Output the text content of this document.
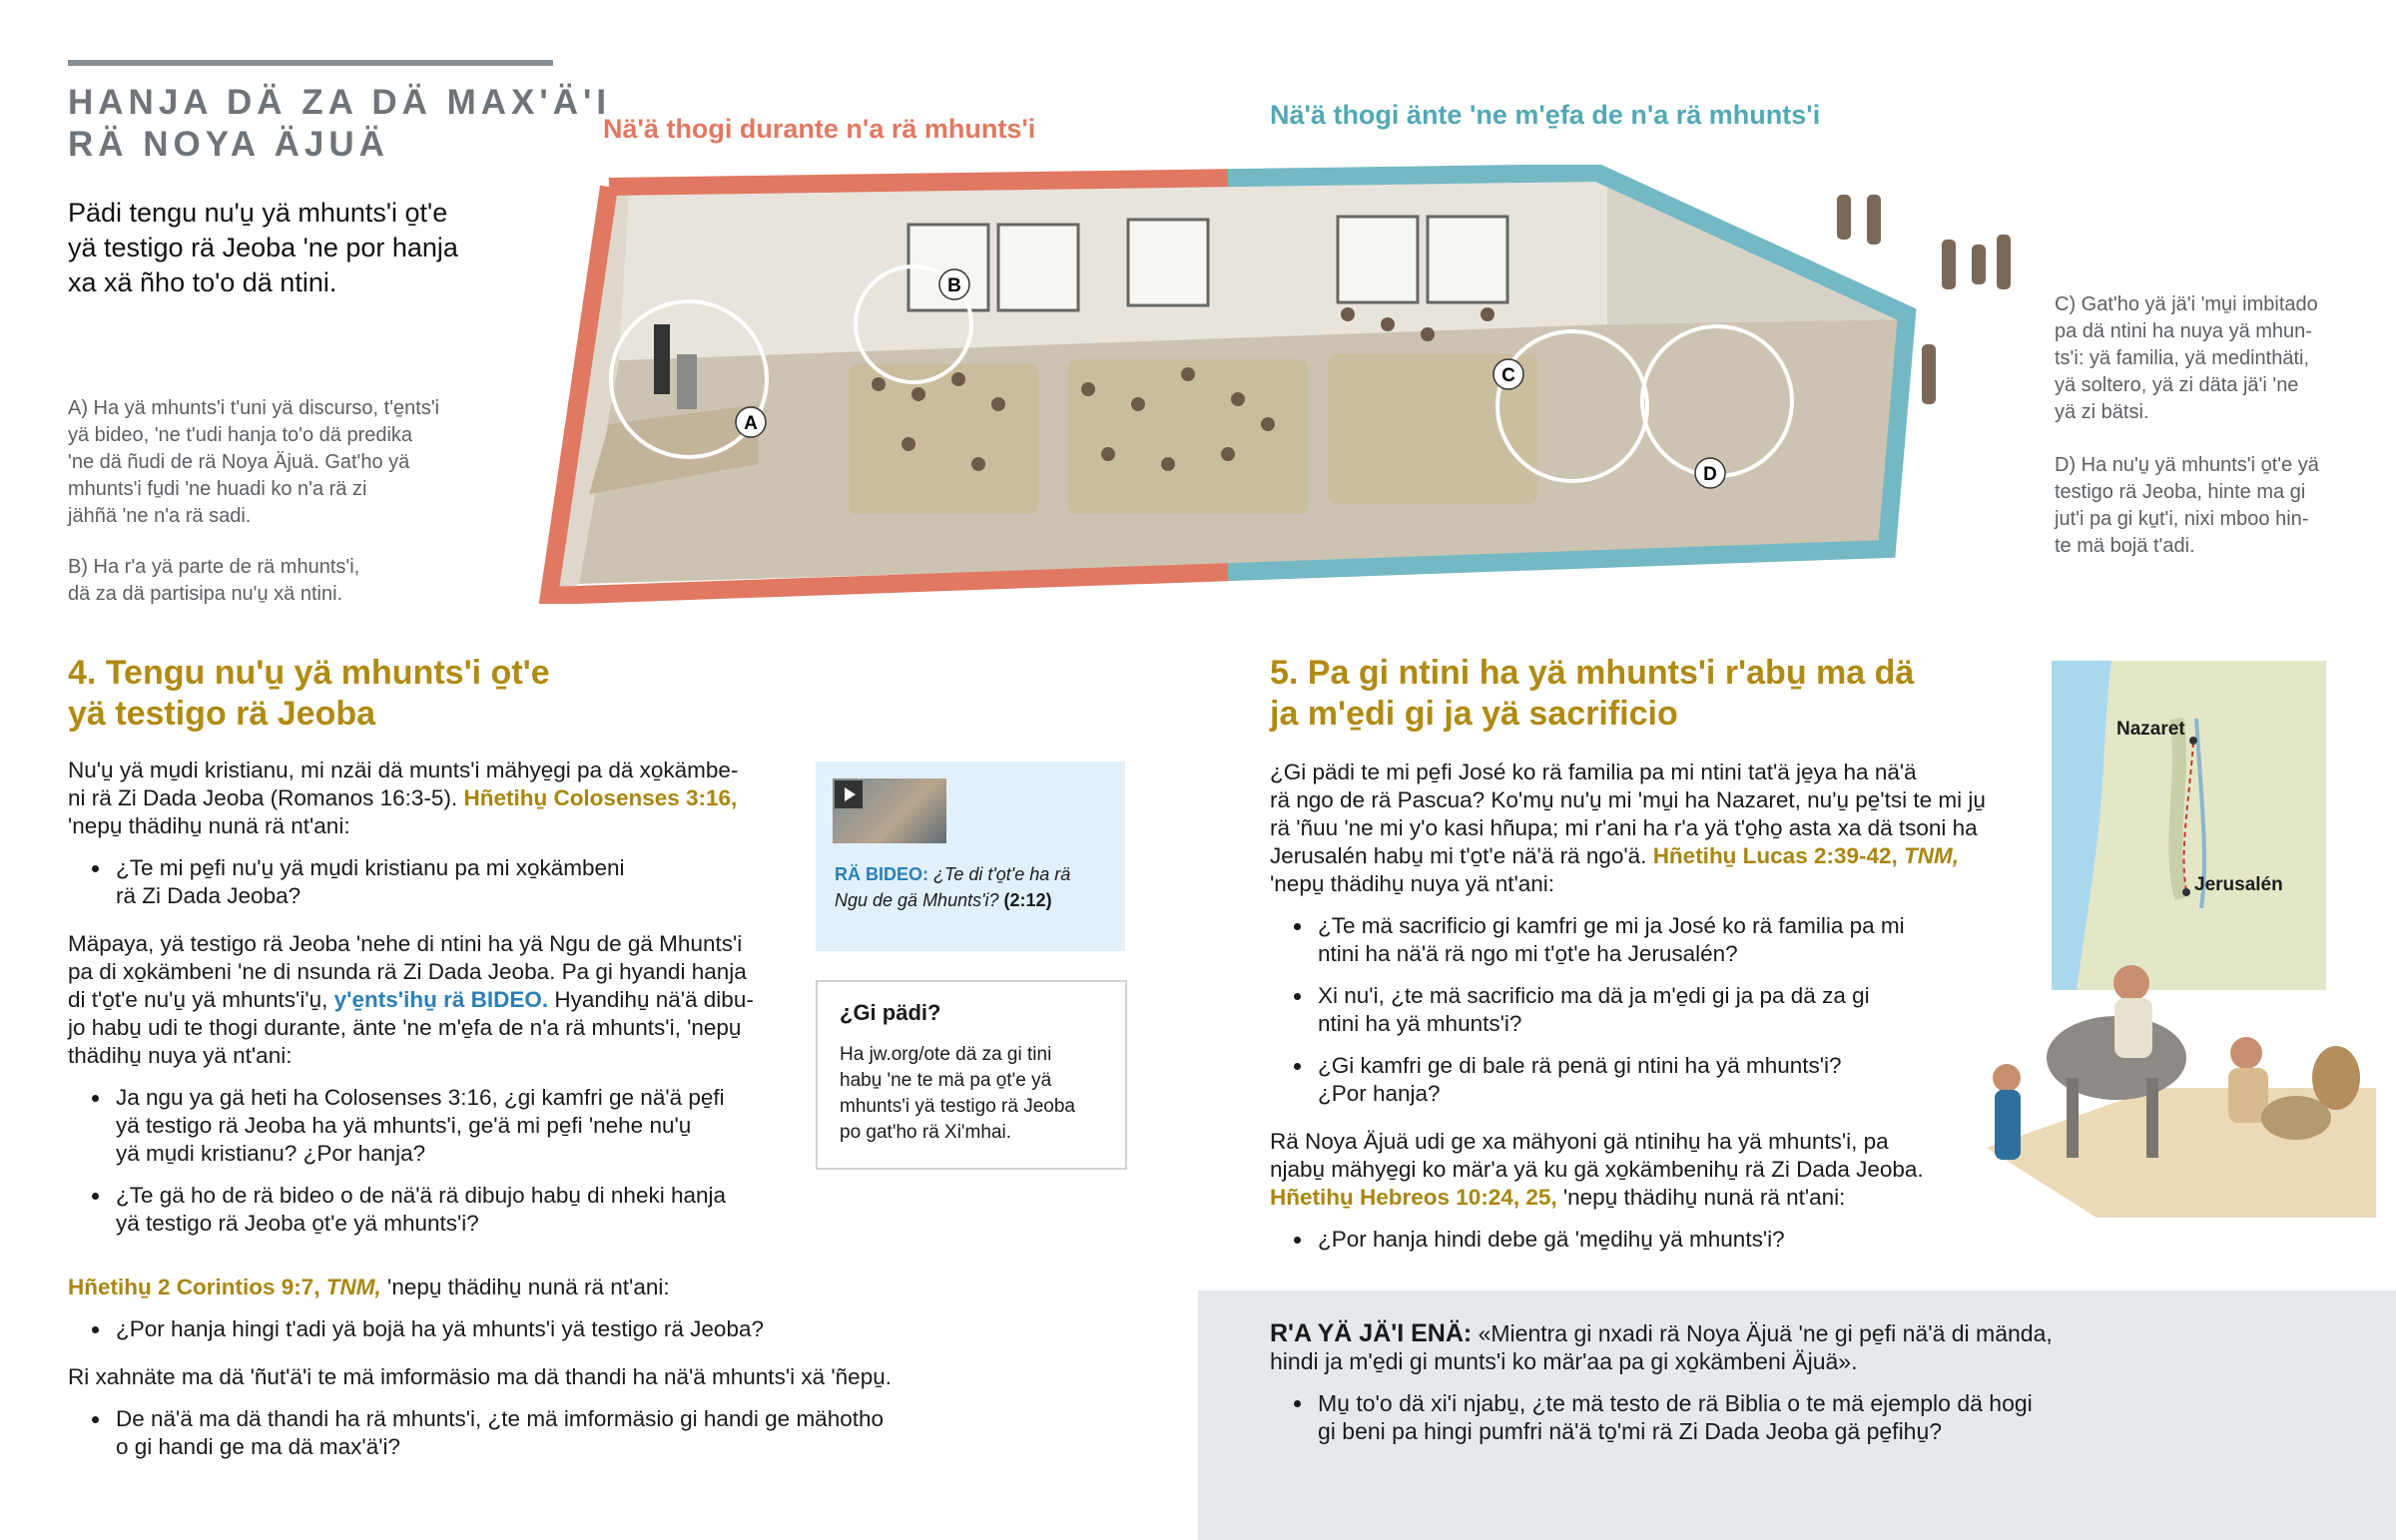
HANJA DÄ ZA DÄ MAX'Ä'I
RÄ NOYA ÄJUÄ
Pädi tengu nu'u̱ yä mhunts'i o̱t'e
yä testigo rä Jeoba 'ne por hanja
xa xä ñho to'o dä ntini.
A) Ha yä mhunts'i t'uni yä discurso, t'e̱nts'i
yä bideo, 'ne t'udi hanja to'o dä predika
'ne dä ñudi de rä Noya Äjuä. Gat'ho yä
mhunts'i fu̱di 'ne huadi ko n'a rä zi
jähñä 'ne n'a rä sadi.
B) Ha r'a yä parte de rä mhunts'i,
dä za dä partisipa nu'u̱ xä ntini.
Nä'ä thogi durante n'a rä mhunts'i	Nä'ä thogi änte 'ne m'e̱fa de n'a rä mhunts'i
A
B
C
D
C) Gat'ho yä jä'i 'mu̱i imbitado
pa dä ntini ha nuya yä mhun-
ts'i: yä familia, yä medinthäti,
yä soltero, yä zi däta jä'i 'ne
yä zi bätsi.
D) Ha nu'u̱ yä mhunts'i o̱t'e yä
testigo rä Jeoba, hinte ma gi
jut'i pa gi ku̱t'i, nixi mboo hin-
te mä bojä t'adi.
4. Tengu nu'u̱ yä mhunts'i o̱t'e
yä testigo rä Jeoba
Nu'u̱ yä mu̱di kristianu, mi nzäi dä munts'i mähye̱gi pa dä xo̱kämbe-
ni rä Zi Dada Jeoba (Romanos 16:3-5). Hñetihu̱ Colosenses 3:16,
'nepu̱ thädihu̱ nunä rä nt'ani:
¿Te mi pe̱fi nu'u̱ yä mu̱di kristianu pa mi xo̱kämbeni
rä Zi Dada Jeoba?
Mäpaya, yä testigo rä Jeoba 'nehe di ntini ha yä Ngu de gä Mhunts'i
pa di xo̱kämbeni 'ne di nsunda rä Zi Dada Jeoba. Pa gi hyandi hanja
di t'o̱t'e nu'u̱ yä mhunts'i'u̱, y'e̱nts'ihu̱ rä BIDEO. Hyandihu̱ nä'ä dibu-
jo habu̱ udi te thogi durante, änte 'ne m'e̱fa de n'a rä mhunts'i, 'nepu̱
thädihu̱ nuya yä nt'ani:
Ja ngu ya gä heti ha Colosenses 3:16, ¿gi kamfri ge nä'ä pe̱fi
yä testigo rä Jeoba ha yä mhunts'i, ge'ä mi pe̱fi 'nehe nu'u̱
yä mu̱di kristianu? ¿Por hanja?
¿Te gä ho de rä bideo o de nä'ä rä dibujo habu̱ di nheki hanja
yä testigo rä Jeoba o̱t'e yä mhunts'i?
Hñetihu̱ 2 Corintios 9:7, TNM, 'nepu̱ thädihu̱ nunä rä nt'ani:
¿Por hanja hingi t'adi yä bojä ha yä mhunts'i yä testigo rä Jeoba?
Ri xahnäte ma dä 'ñut'ä'i te mä imformäsio ma dä thandi ha nä'ä mhunts'i xä 'ñepu̱.
De nä'ä ma dä thandi ha rä mhunts'i, ¿te mä imformäsio gi handi ge mähotho
o gi handi ge ma dä max'ä'i?
RÄ BIDEO: ¿Te di t'o̱t'e ha rä
Ngu de gä Mhunts'i? (2:12)
¿Gi pädi?
Ha jw.org/ote dä za gi tini
habu̱ 'ne te mä pa o̱t'e yä
mhunts'i yä testigo rä Jeoba
po gat'ho rä Xi'mhai.
5. Pa gi ntini ha yä mhunts'i r'abu̱ ma dä
ja m'e̱di gi ja yä sacrificio
¿Gi pädi te mi pe̱fi José ko rä familia pa mi ntini tat'ä je̱ya ha nä'ä
rä ngo de rä Pascua? Ko'mu̱ nu'u̱ mi 'mu̱i ha Nazaret, nu'u̱ pe̱'tsi te mi ju̱
rä 'ñuu 'ne mi y'o kasi hñupa; mi r'ani ha r'a yä t'o̱ho̱ asta xa dä tsoni ha
Jerusalén habu̱ mi t'o̱t'e nä'ä rä ngo'ä. Hñetihu̱ Lucas 2:39-42, TNM,
'nepu̱ thädihu̱ nuya yä nt'ani:
¿Te mä sacrificio gi kamfri ge mi ja José ko rä familia pa mi
ntini ha nä'ä rä ngo mi t'o̱t'e ha Jerusalén?
Xi nu'i, ¿te mä sacrificio ma dä ja m'e̱di gi ja pa dä za gi
ntini ha yä mhunts'i?
¿Gi kamfri ge di bale rä penä gi ntini ha yä mhunts'i?
¿Por hanja?
Rä Noya Äjuä udi ge xa mähyoni gä ntinihu̱ ha yä mhunts'i, pa
njabu̱ mähye̱gi ko mär'a yä ku gä xo̱kämbenihu̱ rä Zi Dada Jeoba.
Hñetihu̱ Hebreos 10:24, 25, 'nepu̱ thädihu̱ nunä rä nt'ani:
¿Por hanja hindi debe gä 'me̱dihu̱ yä mhunts'i?
Nazaret
Jerusalén
R'A YÄ JÄ'I ENÄ: «Mientra gi nxadi rä Noya Äjuä 'ne gi pe̱fi nä'ä di mända,
hindi ja m'e̱di gi munts'i ko mär'aa pa gi xo̱kämbeni Äjuä».
Mu̱ to'o dä xi'i njabu̱, ¿te mä testo de rä Biblia o te mä ejemplo dä hogi
gi beni pa hingi pumfri nä'ä to̱'mi rä Zi Dada Jeoba gä pe̱fihu̱?
